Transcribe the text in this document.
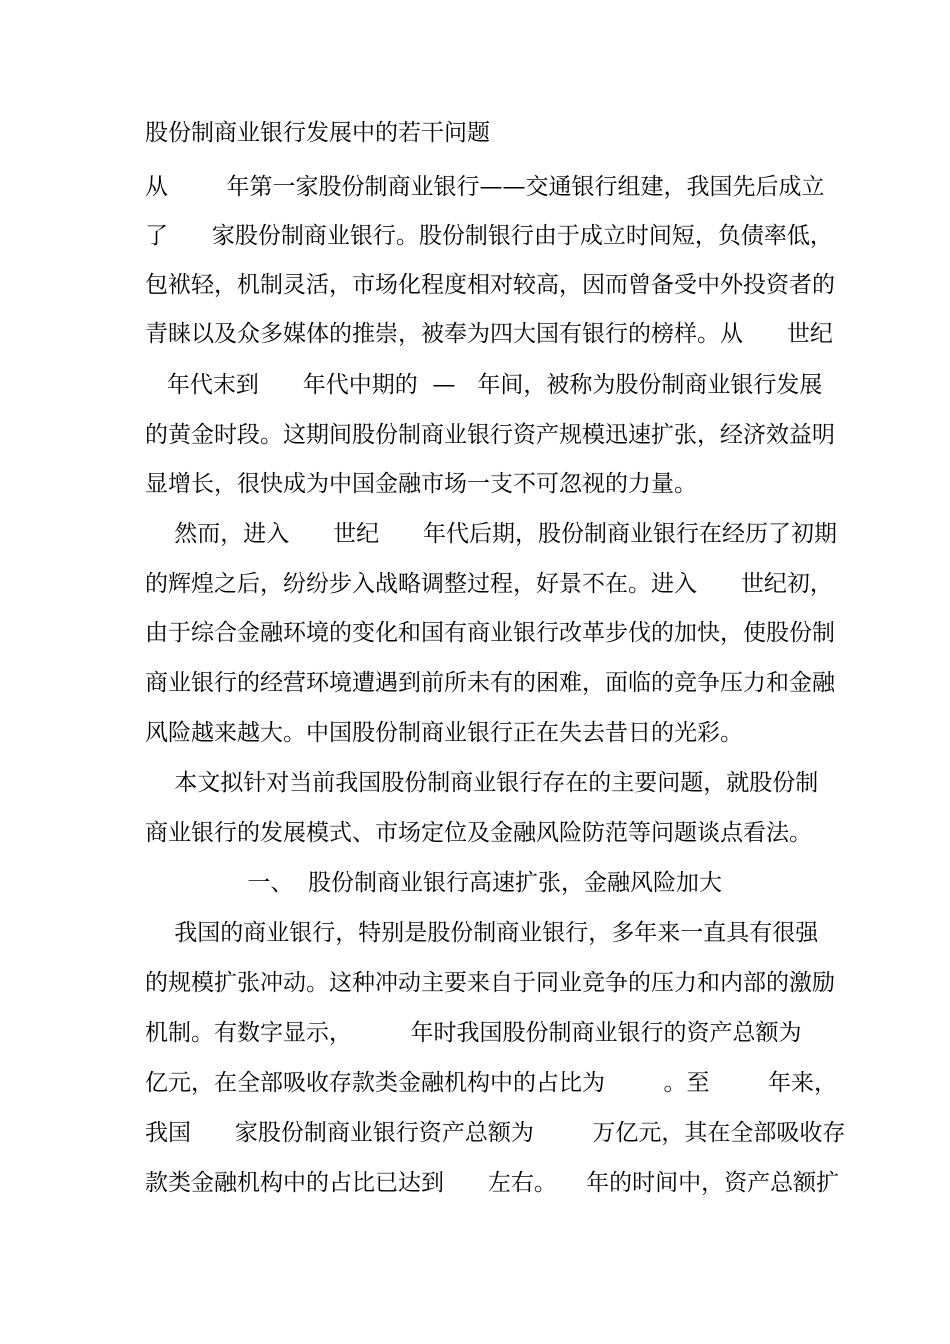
股份制商业银行发展中的若干问题
从        年第一家股份制商业银行——交通银行组建，我国先后成立
了      家股份制商业银行。股份制银行由于成立时间短，负债率低，
包袱轻，机制灵活，市场化程度相对较高，因而曾备受中外投资者的
青睐以及众多媒体的推崇，被奉为四大国有银行的榜样。从      世纪
年代末到      年代中期的  —   年间，被称为股份制商业银行发展
的黄金时段。这期间股份制商业银行资产规模迅速扩张，经济效益明
显增长，很快成为中国金融市场一支不可忽视的力量。
然而，进入      世纪      年代后期，股份制商业银行在经历了初期
的辉煌之后，纷纷步入战略调整过程，好景不在。进入      世纪初，
由于综合金融环境的变化和国有商业银行改革步伐的加快，使股份制
商业银行的经营环境遭遇到前所未有的困难，面临的竞争压力和金融
风险越来越大。中国股份制商业银行正在失去昔日的光彩。
本文拟针对当前我国股份制商业银行存在的主要问题，就股份制
商业银行的发展模式、市场定位及金融风险防范等问题谈点看法。
一、  股份制商业银行高速扩张，金融风险加大
我国的商业银行，特别是股份制商业银行，多年来一直具有很强
的规模扩张冲动。这种冲动主要来自于同业竞争的压力和内部的激励
机制。有数字显示，        年时我国股份制商业银行的资产总额为
亿元，在全部吸收存款类金融机构中的占比为        。至        年来，
我国      家股份制商业银行资产总额为        万亿元，其在全部吸收存
款类金融机构中的占比已达到      左右。    年的时间中，资产总额扩
